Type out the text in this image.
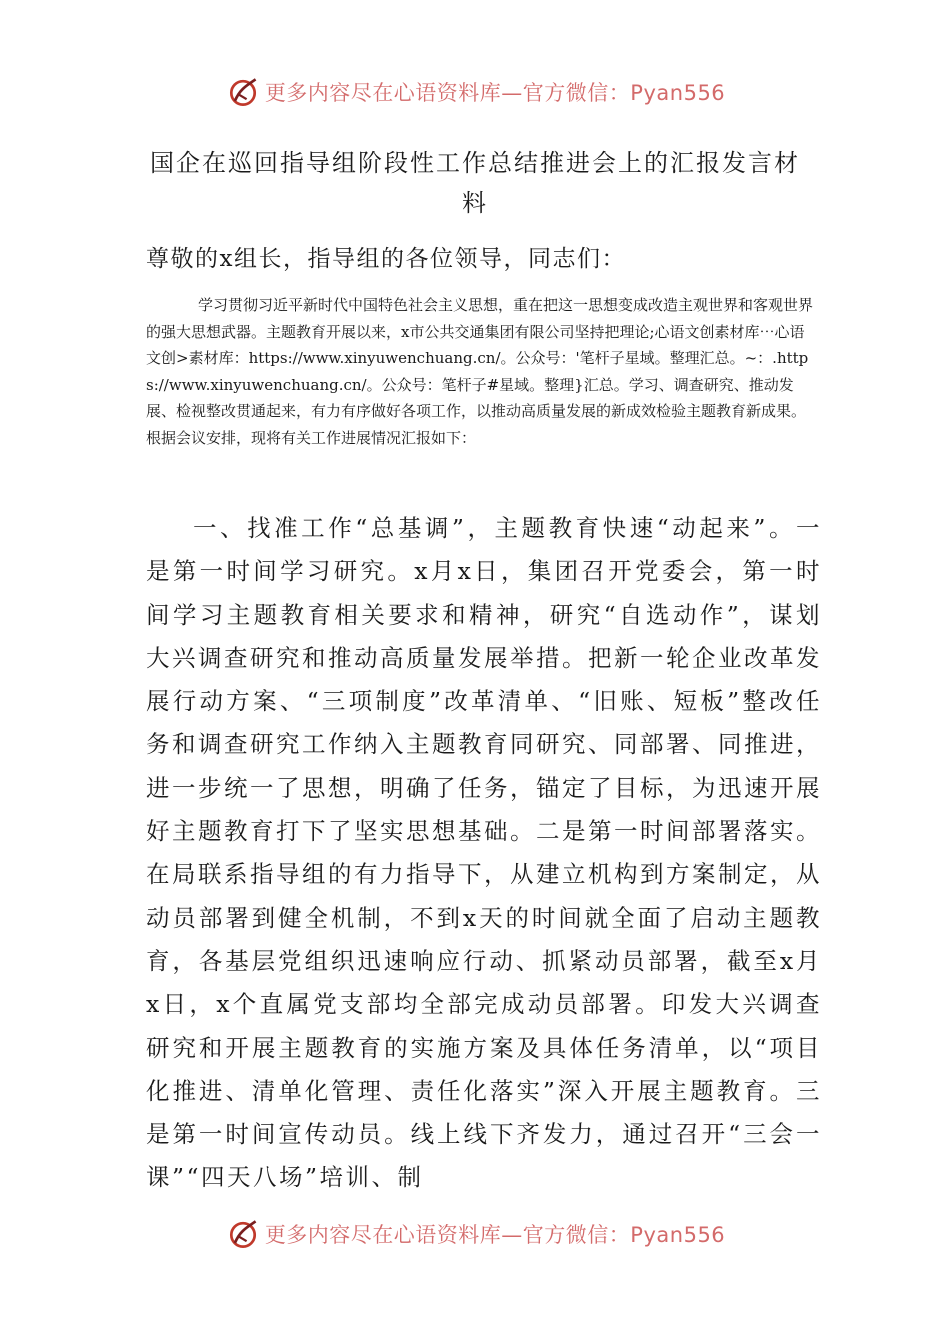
更多内容尽在心语资料库—官方微信：Pyan556
国企在巡回指导组阶段性工作总结推进会上的汇报发言材料

尊敬的x组长，指导组的各位领导，同志们：

学习贯彻习近平新时代中国特色社会主义思想，重在把这一思想变成改造主观世界和客观世界的强大思想武器。主题教育开展以来，x市公共交通集团有限公司坚持把理论;心语文创素材库⋯心语文创>素材库：https://www.xinyuwenchuang.cn/。公众号：'笔杆子星域。整理汇总。~：.https://www.xinyuwenchuang.cn/。公众号：笔杆子#星域。整理}汇总。学习、调查研究、推动发展、检视整改贯通起来，有力有序做好各项工作，以推动高质量发展的新成效检验主题教育新成果。根据会议安排，现将有关工作进展情况汇报如下：

一、找准工作“总基调”，主题教育快速“动起来”。一是第一时间学习研究。x月x日，集团召开党委会，第一时间学习主题教育相关要求和精神，研究“自选动作”，谋划大兴调查研究和推动高质量发展举措。把新一轮企业改革发展行动方案、“三项制度”改革清单、“旧账、短板”整改任务和调查研究工作纳入主题教育同研究、同部署、同推进，进一步统一了思想，明确了任务，锚定了目标，为迅速开展好主题教育打下了坚实思想基础。二是第一时间部署落实。在局联系指导组的有力指导下，从建立机构到方案制定，从动员部署到健全机制，不到x天的时间就全面了启动主题教育，各基层党组织迅速响应行动、抓紧动员部署，截至x月x日，x个直属党支部均全部完成动员部署。印发大兴调查研究和开展主题教育的实施方案及具体任务清单，以“项目化推进、清单化管理、责任化落实”深入开展主题教育。三是第一时间宣传动员。线上线下齐发力，通过召开“三会一课”“四天八场”培训、制

更多内容尽在心语资料库—官方微信：Pyan556
